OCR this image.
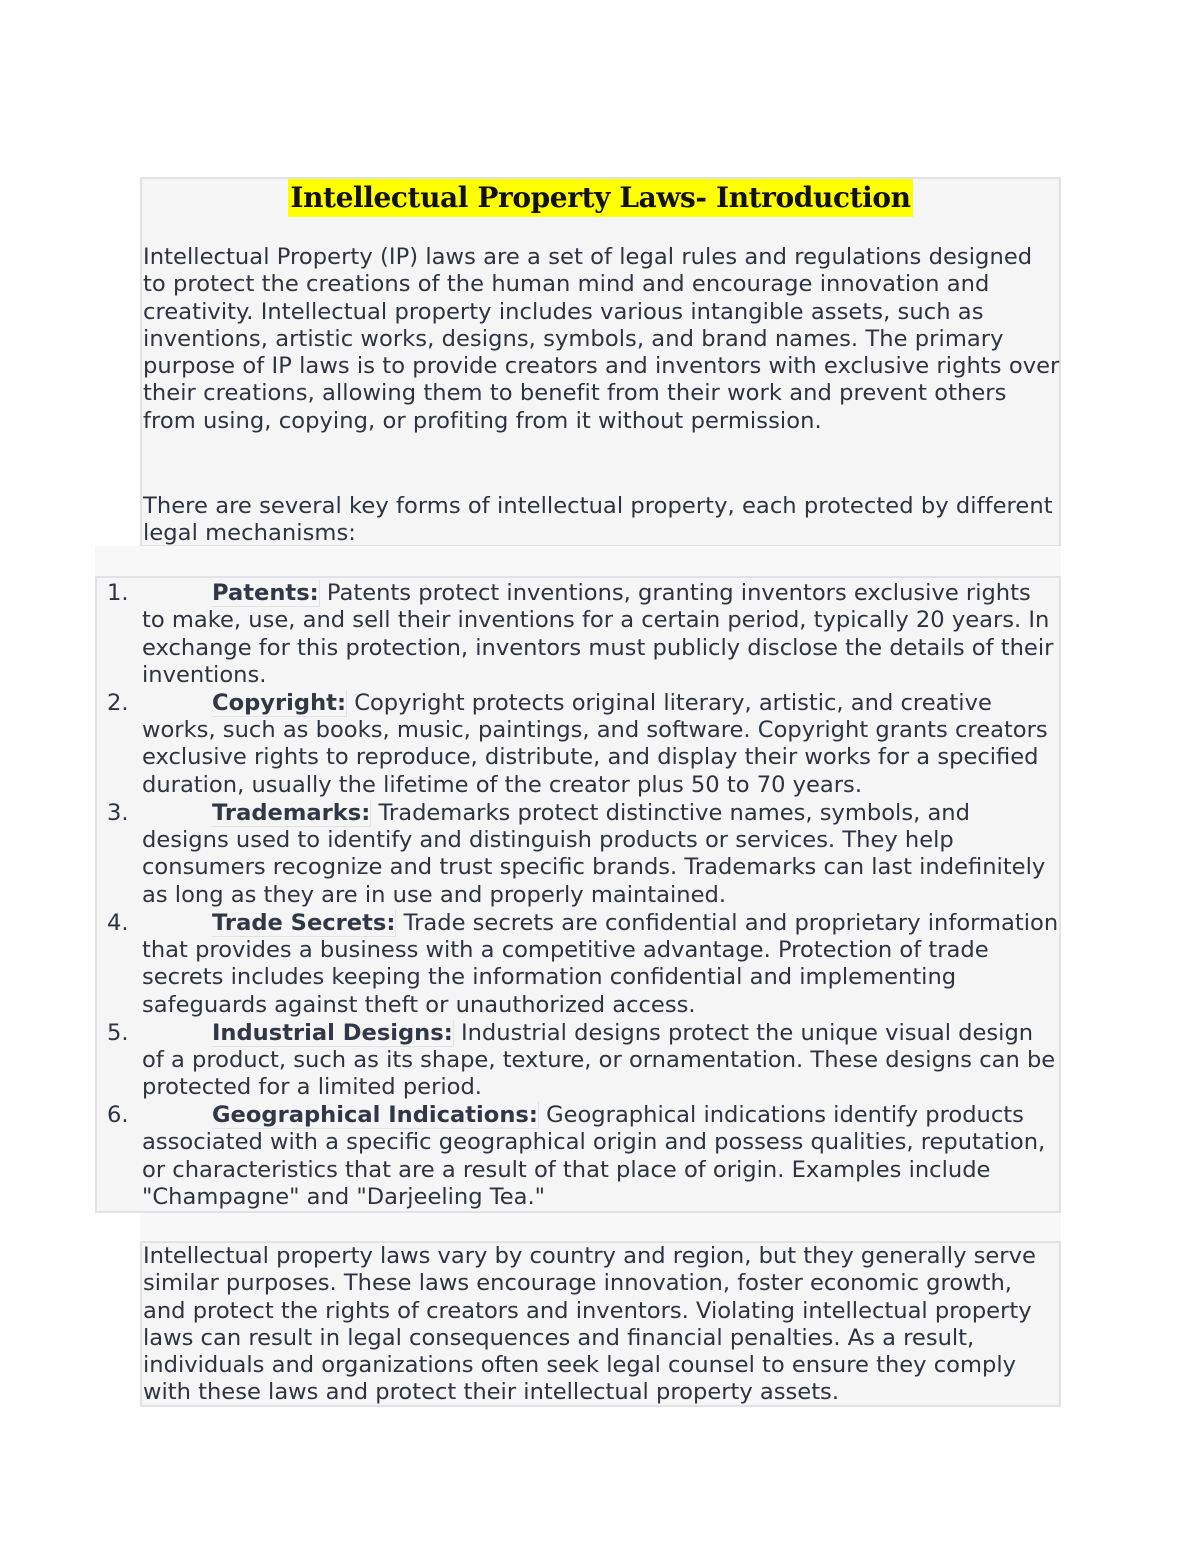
Intellectual Property Laws- Introduction

Intellectual Property (IP) laws are a set of legal rules and regulations designed to protect the creations of the human mind and encourage innovation and creativity. Intellectual property includes various intangible assets, such as inventions, artistic works, designs, symbols, and brand names. The primary purpose of IP laws is to provide creators and inventors with exclusive rights over their creations, allowing them to benefit from their work and prevent others from using, copying, or profiting from it without permission.

There are several key forms of intellectual property, each protected by different legal mechanisms:

1.	Patents: Patents protect inventions, granting inventors exclusive rights to make, use, and sell their inventions for a certain period, typically 20 years. In exchange for this protection, inventors must publicly disclose the details of their inventions.
2.	Copyright: Copyright protects original literary, artistic, and creative works, such as books, music, paintings, and software. Copyright grants creators exclusive rights to reproduce, distribute, and display their works for a specified duration, usually the lifetime of the creator plus 50 to 70 years.
3.	Trademarks: Trademarks protect distinctive names, symbols, and designs used to identify and distinguish products or services. They help consumers recognize and trust specific brands. Trademarks can last indefinitely as long as they are in use and properly maintained.
4.	Trade Secrets: Trade secrets are confidential and proprietary information that provides a business with a competitive advantage. Protection of trade secrets includes keeping the information confidential and implementing safeguards against theft or unauthorized access.
5.	Industrial Designs: Industrial designs protect the unique visual design of a product, such as its shape, texture, or ornamentation. These designs can be protected for a limited period.
6.	Geographical Indications: Geographical indications identify products associated with a specific geographical origin and possess qualities, reputation, or characteristics that are a result of that place of origin. Examples include "Champagne" and "Darjeeling Tea."

Intellectual property laws vary by country and region, but they generally serve similar purposes. These laws encourage innovation, foster economic growth, and protect the rights of creators and inventors. Violating intellectual property laws can result in legal consequences and financial penalties. As a result, individuals and organizations often seek legal counsel to ensure they comply with these laws and protect their intellectual property assets.
